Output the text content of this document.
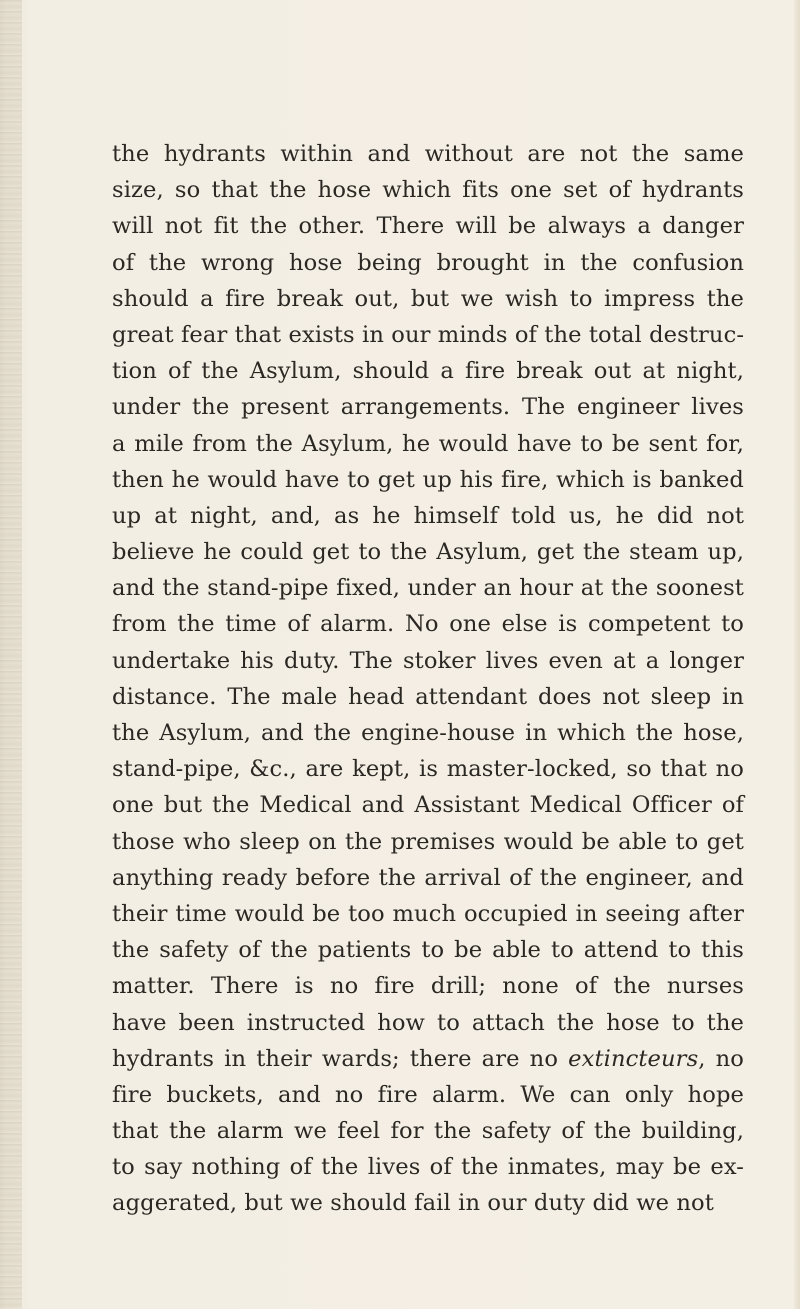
the hydrants within and without are not the same
size, so that the hose which fits one set of hydrants
will not fit the other. There will be always a danger
of the wrong hose being brought in the confusion
should a fire break out, but we wish to impress the
great fear that exists in our minds of the total destruc-
tion of the Asylum, should a fire break out at night,
under the present arrangements. The engineer lives
a mile from the Asylum, he would have to be sent for,
then he would have to get up his fire, which is banked
up at night, and, as he himself told us, he did not
believe he could get to the Asylum, get the steam up,
and the stand-pipe fixed, under an hour at the soonest
from the time of alarm. No one else is competent to
undertake his duty. The stoker lives even at a longer
distance. The male head attendant does not sleep in
the Asylum, and the engine-house in which the hose,
stand-pipe, &c., are kept, is master-locked, so that no
one but the Medical and Assistant Medical Officer of
those who sleep on the premises would be able to get
anything ready before the arrival of the engineer, and
their time would be too much occupied in seeing after
the safety of the patients to be able to attend to this
matter. There is no fire drill; none of the nurses
have been instructed how to attach the hose to the
hydrants in their wards; there are no extincteurs, no
fire buckets, and no fire alarm. We can only hope
that the alarm we feel for the safety of the building,
to say nothing of the lives of the inmates, may be ex-
aggerated, but we should fail in our duty did we not
